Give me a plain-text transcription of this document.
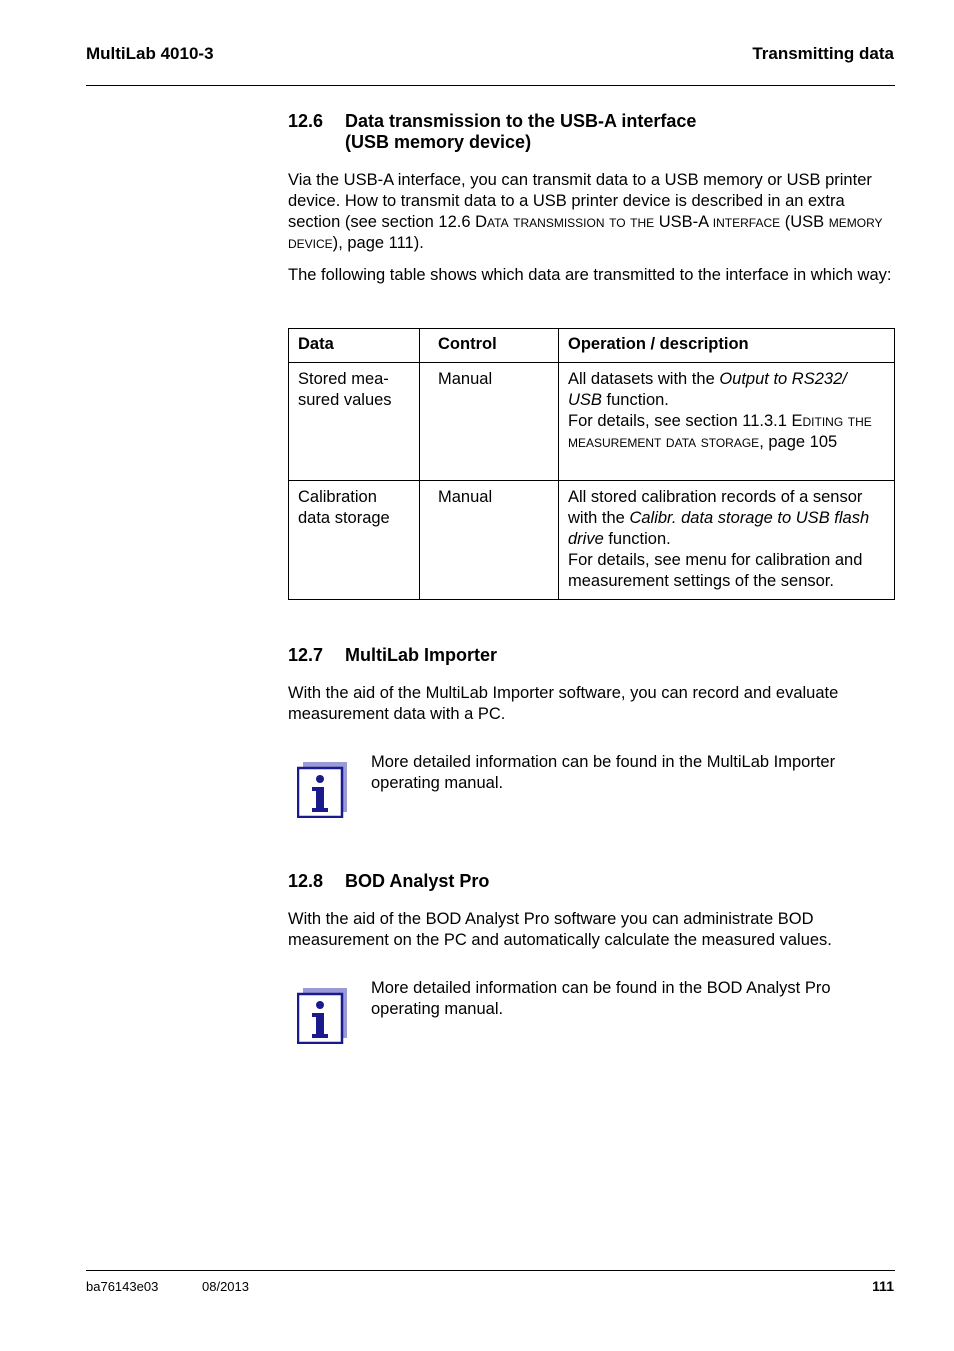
MultiLab 4010-3	Transmitting data
12.6 Data transmission to the USB-A interface
(USB memory device)
Via the USB-A interface, you can transmit data to a USB memory or USB printer device. How to transmit data to a USB printer device is described in an extra section (see section 12.6 Data transmission to the USB-A interface (USB memory device), page 111).
The following table shows which data are transmitted to the interface in which way:
Data	Control	Operation / description
Stored mea-
sured values	Manual	All datasets with the Output to RS232/ USB function.
For details, see section 11.3.1 Editing the measurement data storage, page 105
Calibration data storage	Manual	All stored calibration records of a sensor with the Calibr. data storage to USB flash drive function.
For details, see menu for calibration and measurement settings of the sensor.
12.7 MultiLab Importer
With the aid of the MultiLab Importer software, you can record and evaluate measurement data with a PC.
More detailed information can be found in the MultiLab Importer operating manual.
12.8 BOD Analyst Pro
With the aid of the BOD Analyst Pro software you can administrate BOD measurement on the PC and automatically calculate the measured values.
More detailed information can be found in the BOD Analyst Pro operating manual.
ba76143e03	08/2013	111
